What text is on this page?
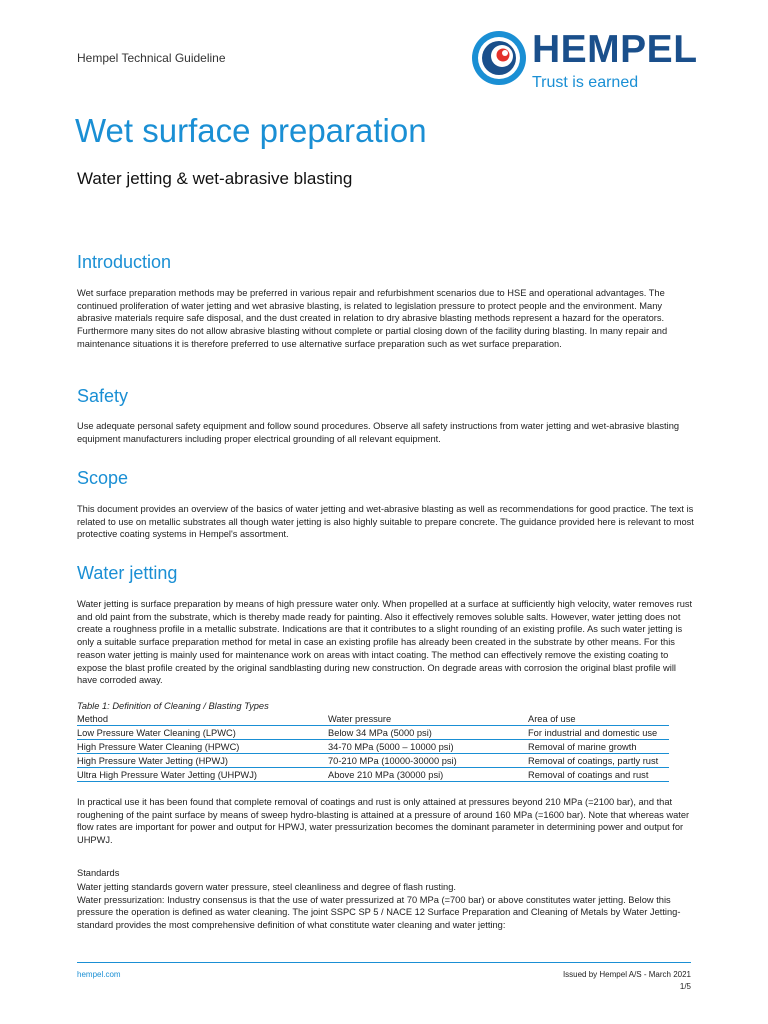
Hempel Technical Guideline	HEMPEL
Trust is earned
Wet surface preparation

Water jetting & wet-abrasive blasting

Introduction

Wet surface preparation methods may be preferred in various repair and refurbishment scenarios due to HSE and operational advantages. The continued proliferation of water jetting and wet abrasive blasting, is related to legislation pressure to protect people and the environment. Many abrasive materials require safe disposal, and the dust created in relation to dry abrasive blasting methods represent a hazard for the operators. Furthermore many sites do not allow abrasive blasting without complete or partial closing down of the facility during blasting. In many repair and maintenance situations it is therefore preferred to use alternative surface preparation such as wet surface preparation.

Safety

Use adequate personal safety equipment and follow sound procedures. Observe all safety instructions from water jetting and wet-abrasive blasting equipment manufacturers including proper electrical grounding of all relevant equipment.

Scope

This document provides an overview of the basics of water jetting and wet-abrasive blasting as well as recommendations for good practice. The text is related to use on metallic substrates all though water jetting is also highly suitable to prepare concrete. The guidance provided here is relevant to most protective coating systems in Hempel's assortment.

Water jetting

Water jetting is surface preparation by means of high pressure water only. When propelled at a surface at sufficiently high velocity, water removes rust and old paint from the substrate, which is thereby made ready for painting. Also it effectively removes soluble salts. However, water jetting does not create a roughness profile in a metallic substrate. Indications are that it contributes to a slight rounding of an existing profile. As such water jetting is only a suitable surface preparation method for metal in case an existing profile has already been created in the substrate by other means. For this reason water jetting is mainly used for maintenance work on areas with intact coating. The method can effectively remove the existing coating to expose the blast profile created by the original sandblasting during new construction. On degrade areas with corrosion the original blast profile will have corroded away.

Table 1: Definition of Cleaning / Blasting Types
Method	Water pressure	Area of use
Low Pressure Water Cleaning (LPWC)	Below 34 MPa (5000 psi)	For industrial and domestic use
High Pressure Water Cleaning (HPWC)	34-70 MPa (5000 – 10000 psi)	Removal of marine growth
High Pressure Water Jetting (HPWJ)	70-210 MPa (10000-30000 psi)	Removal of coatings, partly rust
Ultra High Pressure Water Jetting (UHPWJ)	Above 210 MPa (30000 psi)	Removal of coatings and rust

In practical use it has been found that complete removal of coatings and rust is only attained at pressures beyond 210 MPa (=2100 bar), and that roughening of the paint surface by means of sweep hydro-blasting is attained at a pressure of around 160 MPa (=1600 bar). Note that whereas water flow rates are important for power and output for HPWJ, water pressurization becomes the dominant parameter in determining power and output for UHPWJ.

Standards
Water jetting standards govern water pressure, steel cleanliness and degree of flash rusting.
Water pressurization: Industry consensus is that the use of water pressurized at 70 MPa (=700 bar) or above constitutes water jetting. Below this pressure the operation is defined as water cleaning. The joint SSPC SP 5 / NACE 12 Surface Preparation and Cleaning of Metals by Water Jetting-standard provides the most comprehensive definition of what constitute water cleaning and water jetting:
hempel.com	Issued by Hempel A/S - March 2021
1/5
